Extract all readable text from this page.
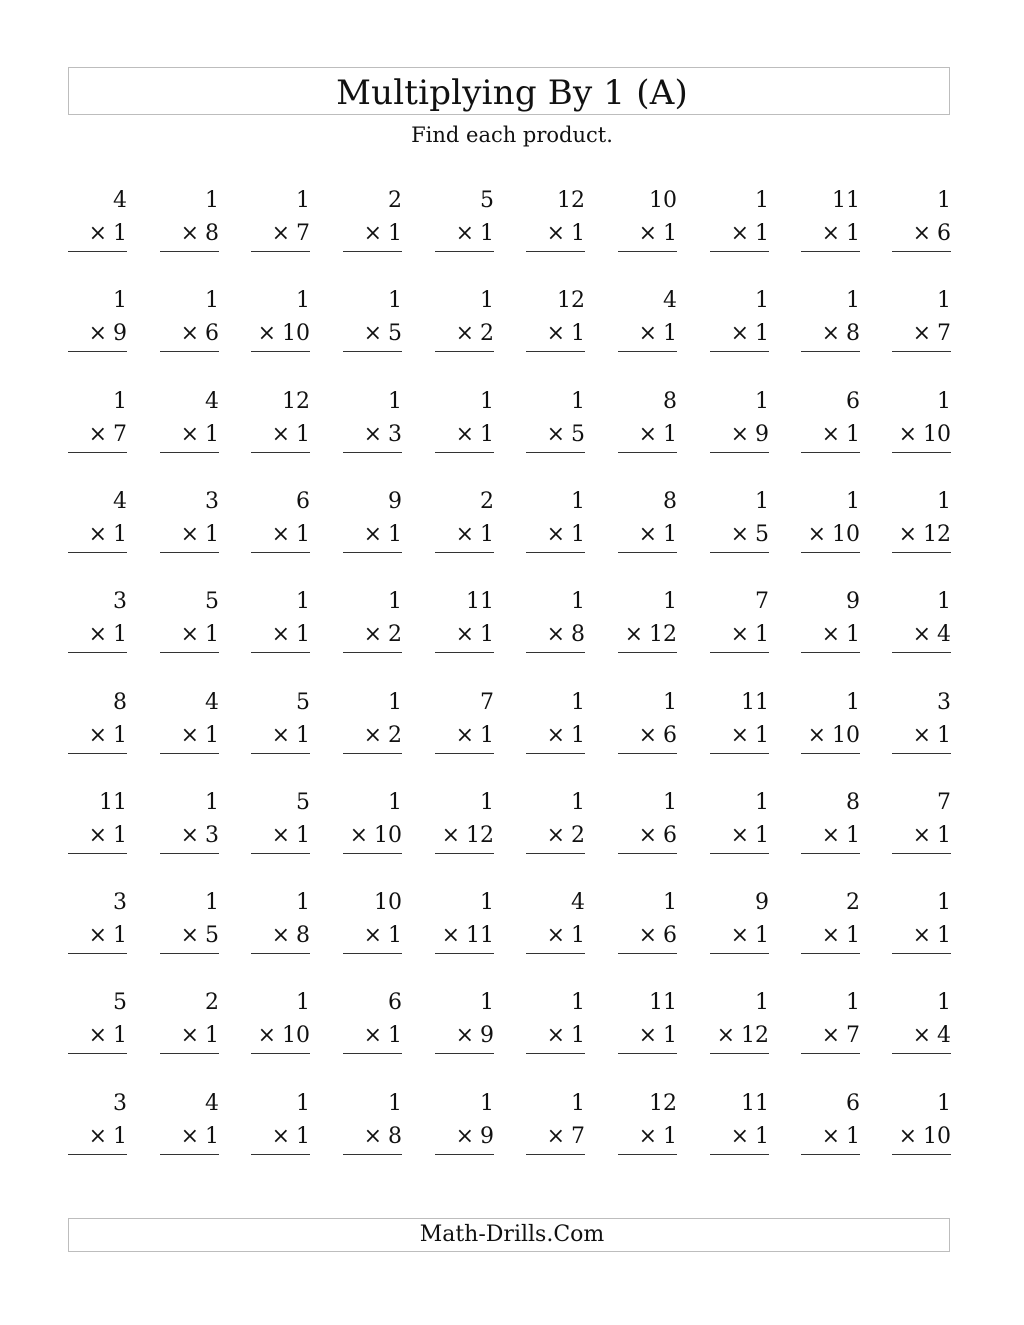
Multiplying By 1 (A)
Find each product.
4
× 1
1
× 8
1
× 7
2
× 1
5
× 1
12
× 1
10
× 1
1
× 1
11
× 1
1
× 6
1
× 9
1
× 6
1
× 10
1
× 5
1
× 2
12
× 1
4
× 1
1
× 1
1
× 8
1
× 7
1
× 7
4
× 1
12
× 1
1
× 3
1
× 1
1
× 5
8
× 1
1
× 9
6
× 1
1
× 10
4
× 1
3
× 1
6
× 1
9
× 1
2
× 1
1
× 1
8
× 1
1
× 5
1
× 10
1
× 12
3
× 1
5
× 1
1
× 1
1
× 2
11
× 1
1
× 8
1
× 12
7
× 1
9
× 1
1
× 4
8
× 1
4
× 1
5
× 1
1
× 2
7
× 1
1
× 1
1
× 6
11
× 1
1
× 10
3
× 1
11
× 1
1
× 3
5
× 1
1
× 10
1
× 12
1
× 2
1
× 6
1
× 1
8
× 1
7
× 1
3
× 1
1
× 5
1
× 8
10
× 1
1
× 11
4
× 1
1
× 6
9
× 1
2
× 1
1
× 1
5
× 1
2
× 1
1
× 10
6
× 1
1
× 9
1
× 1
11
× 1
1
× 12
1
× 7
1
× 4
3
× 1
4
× 1
1
× 1
1
× 8
1
× 9
1
× 7
12
× 1
11
× 1
6
× 1
1
× 10
Math-Drills.Com
